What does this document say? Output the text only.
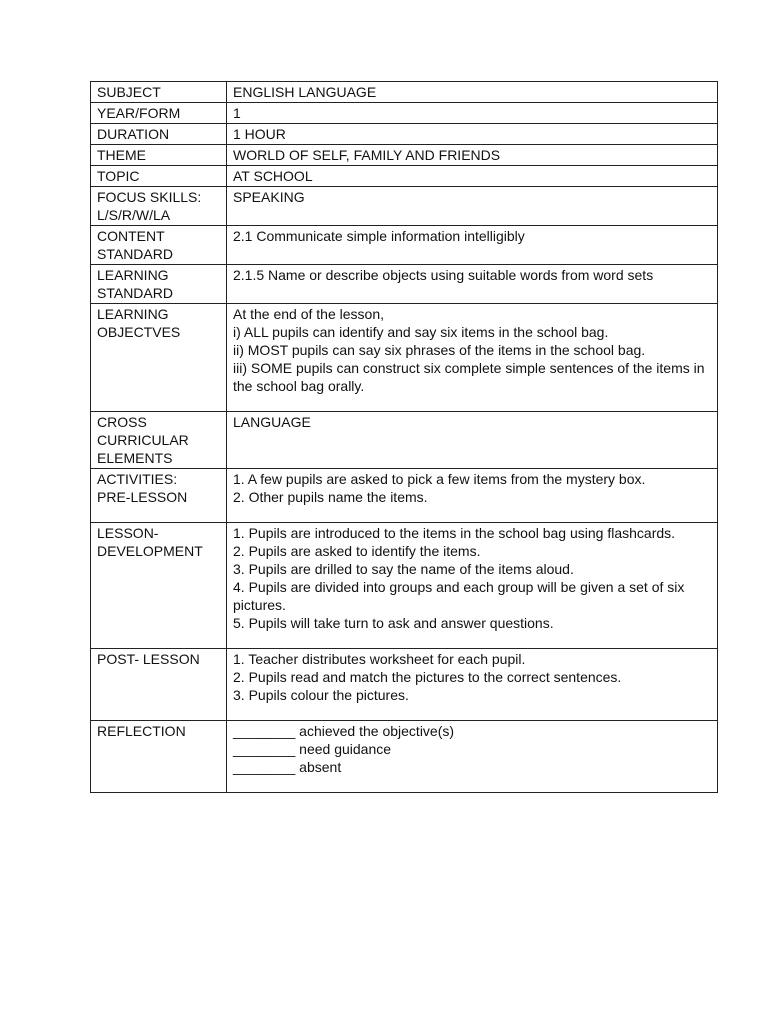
SUBJECT	ENGLISH LANGUAGE

YEAR/FORM	1

DURATION	1 HOUR

THEME	WORLD OF SELF, FAMILY AND FRIENDS

TOPIC	AT SCHOOL

FOCUS SKILLS:
L/S/R/W/LA	SPEAKING

CONTENT
STANDARD	2.1 Communicate simple information intelligibly

LEARNING
STANDARD	2.1.5 Name or describe objects using suitable words from word sets

LEARNING
OBJECTVES	At the end of the lesson,
i) ALL pupils can identify and say six items in the school bag.
ii) MOST pupils can say six phrases of the items in the school bag.
iii) SOME pupils can construct six complete simple sentences of the items in the school bag orally.

CROSS
CURRICULAR
ELEMENTS	LANGUAGE

ACTIVITIES:
PRE-LESSON	1. A few pupils are asked to pick a few items from the mystery box.
2. Other pupils name the items.

LESSON-
DEVELOPMENT	1. Pupils are introduced to the items in the school bag using flashcards.
2. Pupils are asked to identify the items.
3. Pupils are drilled to say the name of the items aloud.
4. Pupils are divided into groups and each group will be given a set of six pictures.
5. Pupils will take turn to ask and answer questions.

POST- LESSON	1. Teacher distributes worksheet for each pupil.
2. Pupils read and match the pictures to the correct sentences.
3. Pupils colour the pictures.

REFLECTION	________ achieved the objective(s)
________ need guidance
________ absent
